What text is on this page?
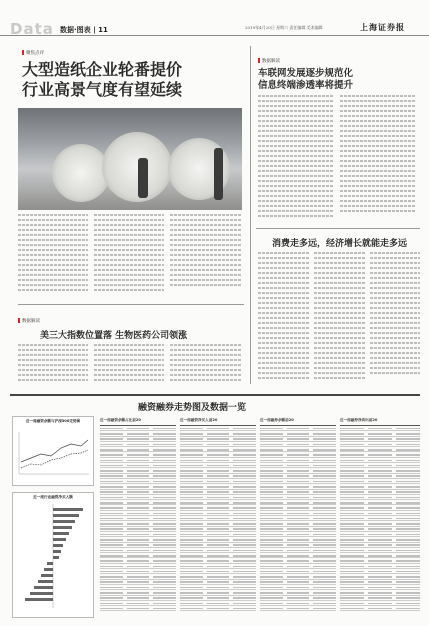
Data 数据·图表 | 11	2019年4月20日 星期六 责任编辑 美术编辑	上海证券报
聚焦点评
大型造纸企业轮番提价
行业高景气度有望延续
数据解读
车联网发展逐步规范化
信息终端渗透率将提升
消费走多远，经济增长就能走多远
数据解读
美三大指数位置落 生物医药公司领涨
融资融券走势图及数据一览
近一周融资余额与沪深300走势图
近一周行业融资净买入额
近一周融资余额占比前20	近一周融资净买入前20	近一周融券余额前20	近一周融券净卖出前20
